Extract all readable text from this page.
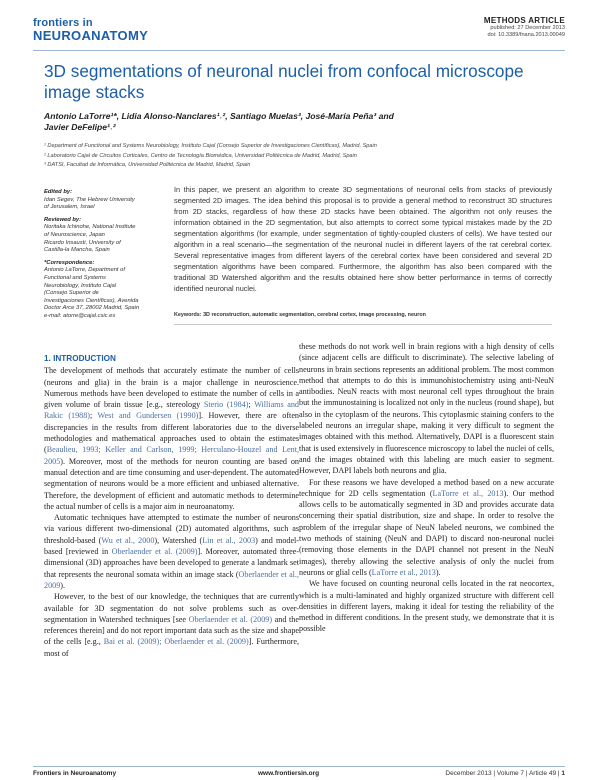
frontiers in
NEUROANATOMY
METHODS ARTICLE
published: 27 December 2013
doi: 10.3389/fnana.2013.00049
3D segmentations of neuronal nuclei from confocal microscope image stacks
Antonio LaTorre¹*, Lidia Alonso-Nanclares¹˒², Santiago Muelas³, José-María Peña³ and
Javier DeFelipe¹˒²
¹ Department of Functional and Systems Neurobiology, Instituto Cajal (Consejo Superior de Investigaciones Científicas), Madrid, Spain
² Laboratorio Cajal de Circuitos Corticales, Centro de Tecnología Biomédica, Universidad Politécnica de Madrid, Madrid, Spain
³ DATSI, Facultad de Informática, Universidad Politécnica de Madrid, Madrid, Spain
Edited by:
Idan Segev, The Hebrew University
of Jerusalem, Israel
Reviewed by:
Noritaka Ichinohe, National Institute
of Neuroscience, Japan
Ricardo Insausti, University of
Castilla-la Mancha, Spain
*Correspondence:
Antonio LaTorre, Department of
Functional and Systems
Neurobiology, Instituto Cajal
(Consejo Superior de
Investigaciones Científicas), Avenida
Doctor Arce 37, 28002 Madrid, Spain
e-mail: atorre@cajal.csic.es
In this paper, we present an algorithm to create 3D segmentations of neuronal cells from stacks of previously segmented 2D images. The idea behind this proposal is to provide a general method to reconstruct 3D structures from 2D stacks, regardless of how these 2D stacks have been obtained. The algorithm not only reuses the information obtained in the 2D segmentation, but also attempts to correct some typical mistakes made by the 2D segmentation algorithms (for example, under segmentation of tightly-coupled clusters of cells). We have tested our algorithm in a real scenario—the segmentation of the neuronal nuclei in different layers of the rat cerebral cortex. Several representative images from different layers of the cerebral cortex have been considered and several 2D segmentation algorithms have been compared. Furthermore, the algorithm has also been compared with the traditional 3D Watershed algorithm and the results obtained here show better performance in terms of correctly identified neuronal nuclei.
Keywords: 3D reconstruction, automatic segmentation, cerebral cortex, image processing, neuron
1. INTRODUCTION

The development of methods that accurately estimate the number of cells (neurons and glia) in the brain is a major challenge in neuroscience. Numerous methods have been developed to estimate the number of cells in a given volume of brain tissue [e.g., stereology Sterio (1984); Williams and Rakic (1988); West and Gundersen (1990)]. However, there are often discrepancies in the results from different laboratories due to the diverse methodologies and mathematical approaches used to obtain the estimates (Beaulieu, 1993; Keller and Carlson, 1999; Herculano-Houzel and Lent, 2005). Moreover, most of the methods for neuron counting are based on manual detection and are time consuming and user-dependent. The automated segmentation of neurons would be a more efficient and unbiased alternative. Therefore, the development of efficient and automatic methods to determine the actual number of cells is a major aim in neuroanatomy.

Automatic techniques have attempted to estimate the number of neurons via various different two-dimensional (2D) automated algorithms, such as threshold-based (Wu et al., 2000), Watershed (Lin et al., 2003) and model-based [reviewed in Oberlaender et al. (2009)]. Moreover, automated three-dimensional (3D) approaches have been developed to generate a landmark set that represents the neuronal somata within an image stack (Oberlaender et al., 2009).

However, to the best of our knowledge, the techniques that are currently available for 3D segmentation do not solve problems such as over-segmentation in Watershed techniques [see Oberlaender et al. (2009) and the references therein] and do not report important data such as the size and shape of the cells [e.g., Bai et al. (2009); Oberlaender et al. (2009)]. Furthermore, most of

these methods do not work well in brain regions with a high density of cells (since adjacent cells are difficult to discriminate). The selective labeling of neurons in brain sections represents an additional problem. The most common method that attempts to do this is immunohistochemistry using anti-NeuN antibodies. NeuN reacts with most neuronal cell types throughout the brain but the immunostaining is localized not only in the nucleus (round shape), but also in the cytoplasm of the neurons. This cytoplasmic staining confers to the labeled neurons an irregular shape, making it very difficult to segment the images obtained with this method. Alternatively, DAPI is a fluorescent stain that is used extensively in fluorescence microscopy to label the nuclei of cells, and the images obtained with this labeling are much easier to segment. However, DAPI labels both neurons and glia.

For these reasons we have developed a method based on a new accurate technique for 2D cells segmentation (LaTorre et al., 2013). Our method allows cells to be automatically segmented in 3D and provides accurate data concerning their spatial distribution, size and shape. In order to resolve the problem of the irregular shape of NeuN labeled neurons, we combined the two methods of staining (NeuN and DAPI) to discard non-neuronal nuclei (removing those elements in the DAPI channel not present in the NeuN images), thereby allowing the selective analysis of only the nuclei from neurons or glial cells (LaTorre et al., 2013).

We have focused on counting neuronal cells located in the rat neocortex, which is a multi-laminated and highly organized structure with different cell densities in different layers, making it ideal for testing the reliability of the method in different conditions. In the present study, we demonstrate that it is possible

Frontiers in Neuroanatomy	www.frontiersin.org	December 2013 | Volume 7 | Article 49 | 1
